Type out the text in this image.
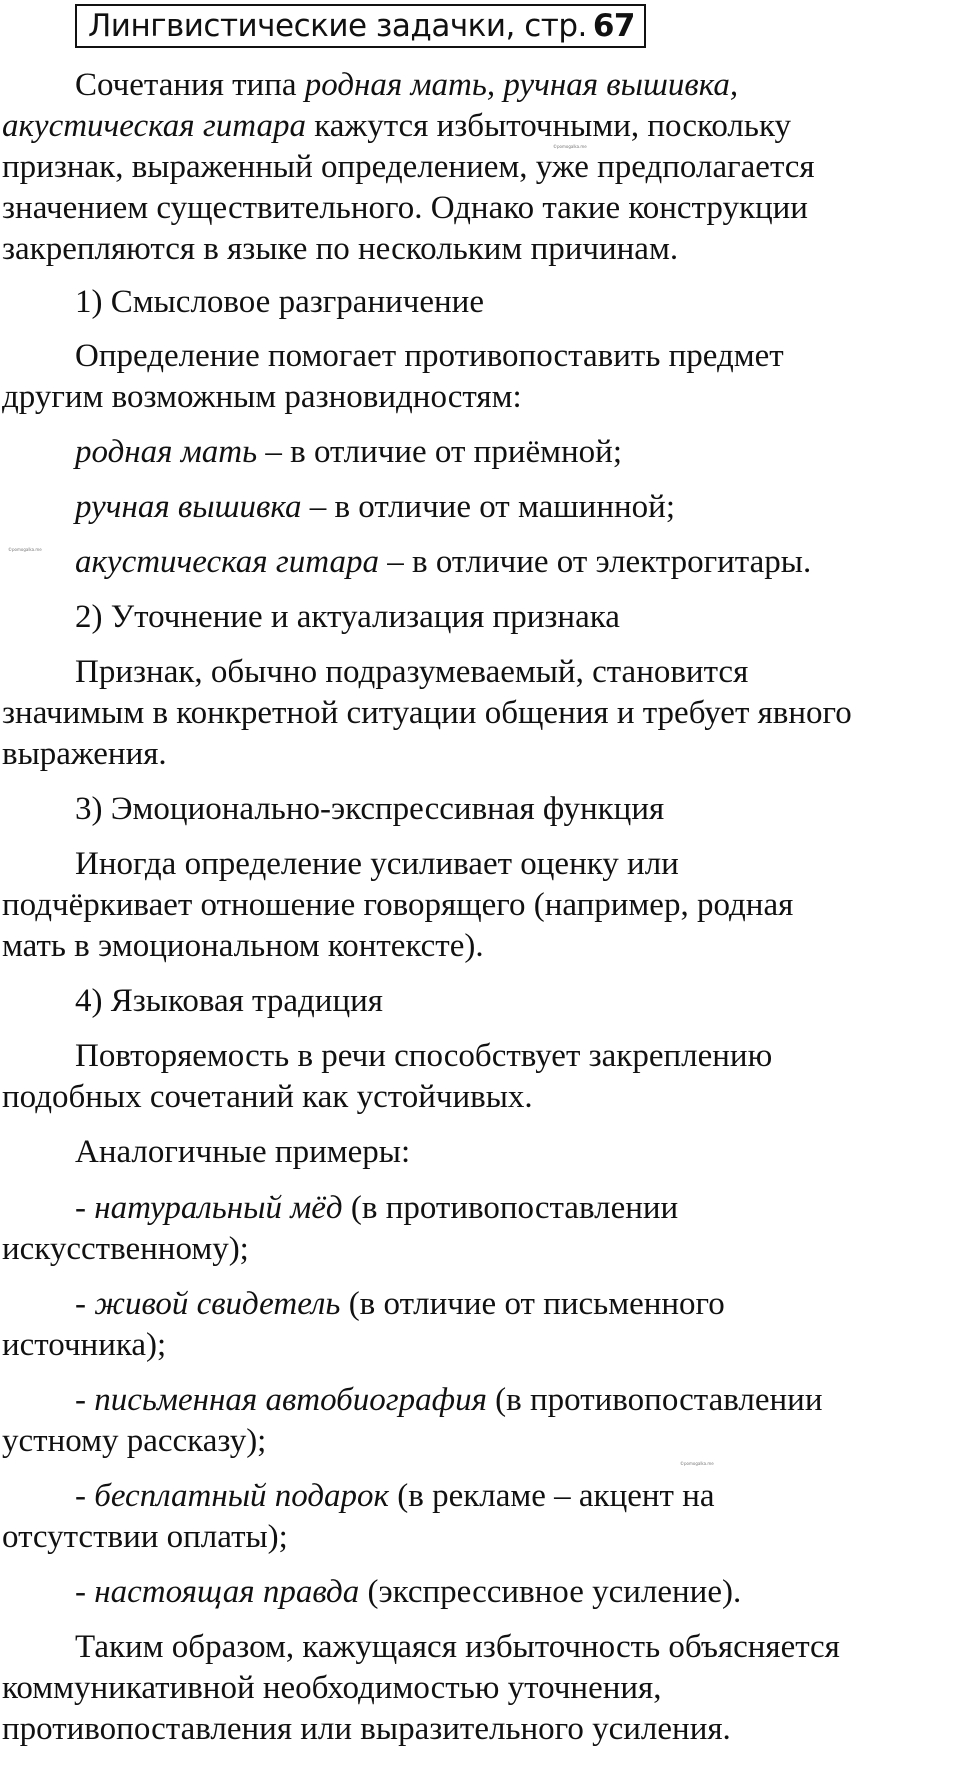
Лингвистические задачки, стр. 67
Сочетания типа родная мать, ручная вышивка,
акустическая гитара кажутся избыточными, поскольку
признак, выраженный определением, уже предполагается
значением существительного. Однако такие конструкции
закрепляются в языке по нескольким причинам.
1) Смысловое разграничение
Определение помогает противопоставить предмет
другим возможным разновидностям:
родная мать – в отличие от приёмной;
ручная вышивка – в отличие от машинной;
акустическая гитара – в отличие от электрогитары.
2) Уточнение и актуализация признака
Признак, обычно подразумеваемый, становится
значимым в конкретной ситуации общения и требует явного
выражения.
3) Эмоционально-экспрессивная функция
Иногда определение усиливает оценку или
подчёркивает отношение говорящего (например, родная
мать в эмоциональном контексте).
4) Языковая традиция
Повторяемость в речи способствует закреплению
подобных сочетаний как устойчивых.
Аналогичные примеры:
- натуральный мёд (в противопоставлении
искусственному);
- живой свидетель (в отличие от письменного
источника);
- письменная автобиография (в противопоставлении
устному рассказу);
- бесплатный подарок (в рекламе – акцент на
отсутствии оплаты);
- настоящая правда (экспрессивное усиление).
Таким образом, кажущаяся избыточность объясняется
коммуникативной необходимостью уточнения,
противопоставления или выразительного усиления.
©pomogalka.me
©pomogalka.me
©pomogalka.me
